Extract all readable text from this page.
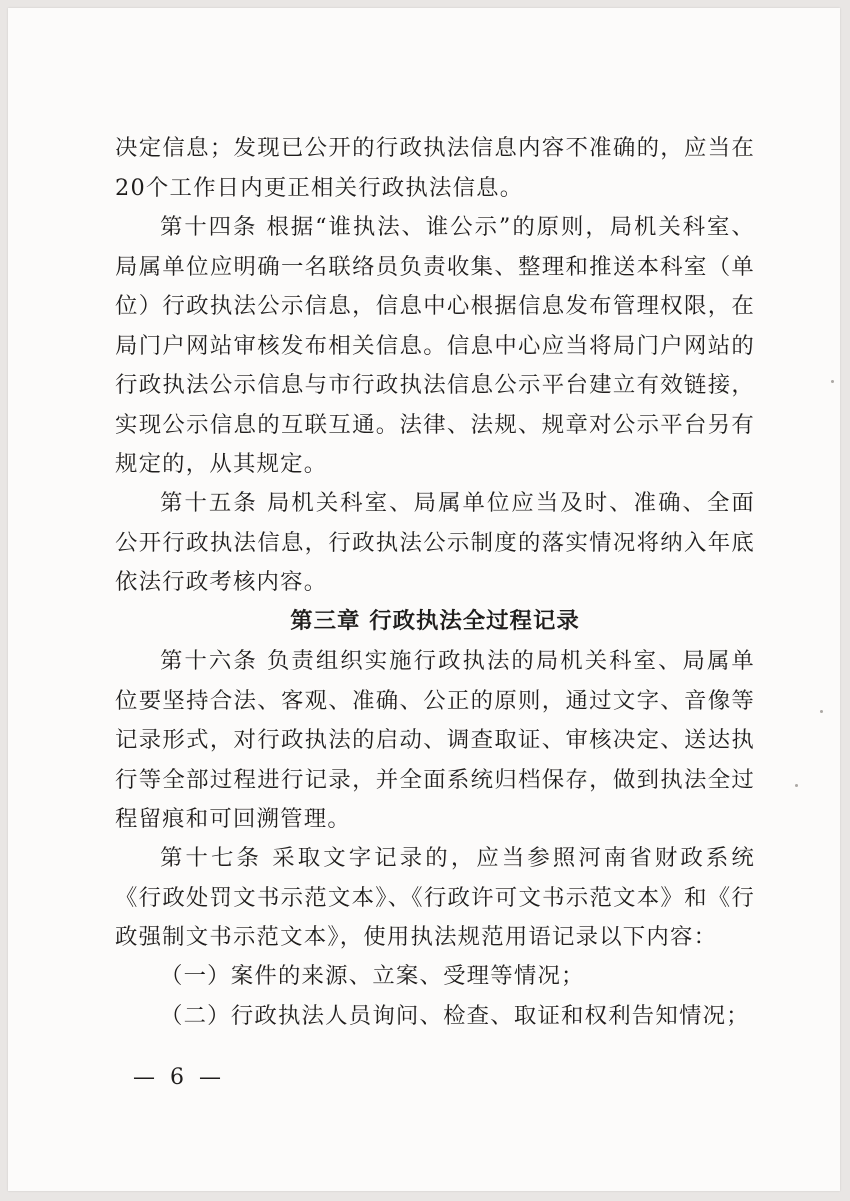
决定信息；发现已公开的行政执法信息内容不准确的，应当在20个工作日内更正相关行政执法信息。
第十四条 根据“谁执法、谁公示”的原则，局机关科室、局属单位应明确一名联络员负责收集、整理和推送本科室（单位）行政执法公示信息，信息中心根据信息发布管理权限，在局门户网站审核发布相关信息。信息中心应当将局门户网站的行政执法公示信息与市行政执法信息公示平台建立有效链接，实现公示信息的互联互通。法律、法规、规章对公示平台另有规定的，从其规定。
第十五条 局机关科室、局属单位应当及时、准确、全面公开行政执法信息，行政执法公示制度的落实情况将纳入年底依法行政考核内容。
第三章 行政执法全过程记录
第十六条 负责组织实施行政执法的局机关科室、局属单位要坚持合法、客观、准确、公正的原则，通过文字、音像等记录形式，对行政执法的启动、调查取证、审核决定、送达执行等全部过程进行记录，并全面系统归档保存，做到执法全过程留痕和可回溯管理。
第十七条 采取文字记录的，应当参照河南省财政系统《行政处罚文书示范文本》、《行政许可文书示范文本》和《行政强制文书示范文本》，使用执法规范用语记录以下内容：
（一）案件的来源、立案、受理等情况；
（二）行政执法人员询问、检查、取证和权利告知情况；
— 6 —
